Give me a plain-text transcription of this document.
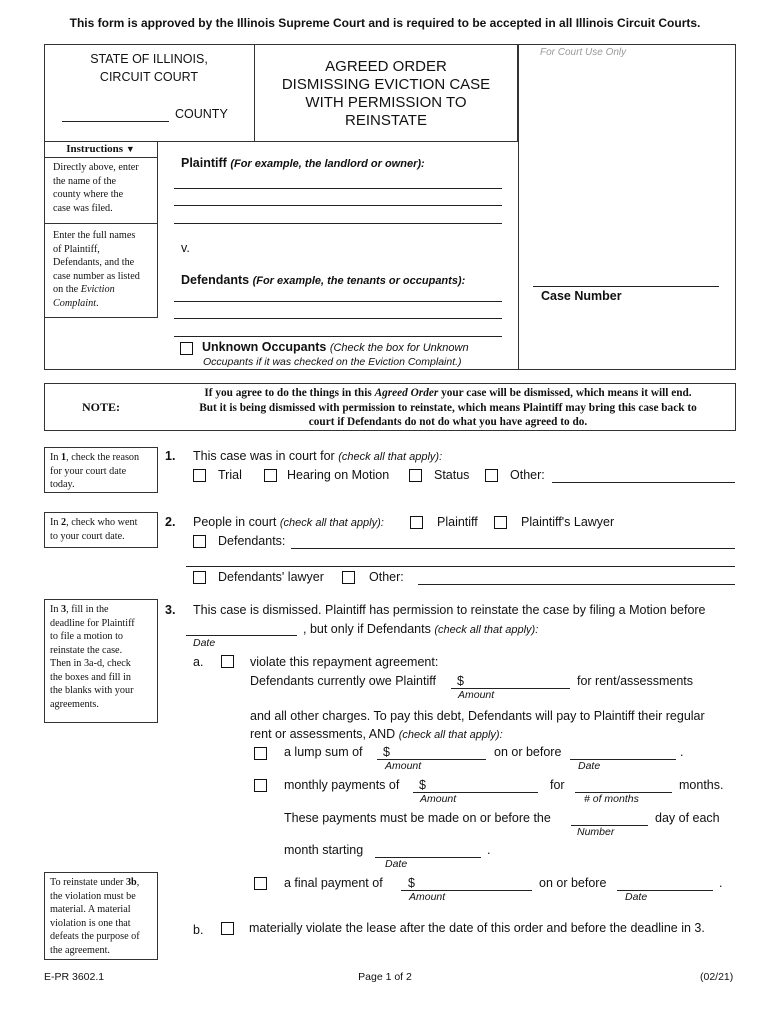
This form is approved by the Illinois Supreme Court and is required to be accepted in all Illinois Circuit Courts.
STATE OF ILLINOIS,
CIRCUIT COURT
COUNTY
AGREED ORDER
DISMISSING EVICTION CASE
WITH PERMISSION TO
REINSTATE
For Court Use Only
Instructions ▼
Directly above, enter
the name of the
county where the
case was filed.
Enter the full names
of Plaintiff,
Defendants, and the
case number as listed
on the Eviction
Complaint.
Plaintiff (For example, the landlord or owner):
v.
Defendants (For example, the tenants or occupants):
Unknown Occupants (Check the box for Unknown
Occupants if it was checked on the Eviction Complaint.)
Case Number
NOTE:
If you agree to do the things in this Agreed Order your case will be dismissed, which means it will end.
But it is being dismissed with permission to reinstate, which means Plaintiff may bring this case back to
court if Defendants do not do what you have agreed to do.
In 1, check the reason
for your court date
today.
In 2, check who went
to your court date.
In 3, fill in the
deadline for Plaintiff
to file a motion to
reinstate the case.
Then in 3a-d, check
the boxes and fill in
the blanks with your
agreements.
To reinstate under 3b,
the violation must be
material. A material
violation is one that
defeats the purpose of
the agreement.
1. This case was in court for (check all that apply):
Trial	Hearing on Motion	Status	Other:
2. People in court (check all that apply):	Plaintiff	Plaintiff's Lawyer
Defendants:
Defendants' lawyer	Other:
3. This case is dismissed. Plaintiff has permission to reinstate the case by filing a Motion before
Date
, but only if Defendants (check all that apply):
a.	violate this repayment agreement:
Defendants currently owe Plaintiff $
Amount
for rent/assessments
and all other charges. To pay this debt, Defendants will pay to Plaintiff their regular
rent or assessments, AND (check all that apply):
a lump sum of $
Amount
on or before
Date
.
monthly payments of $
Amount
for
# of months
months.
These payments must be made on or before the
Number
day of each
month starting
Date
.
a final payment of $
Amount
on or before
Date
.
b.	materially violate the lease after the date of this order and before the deadline in 3.
E-PR 3602.1	Page 1 of 2	(02/21)
